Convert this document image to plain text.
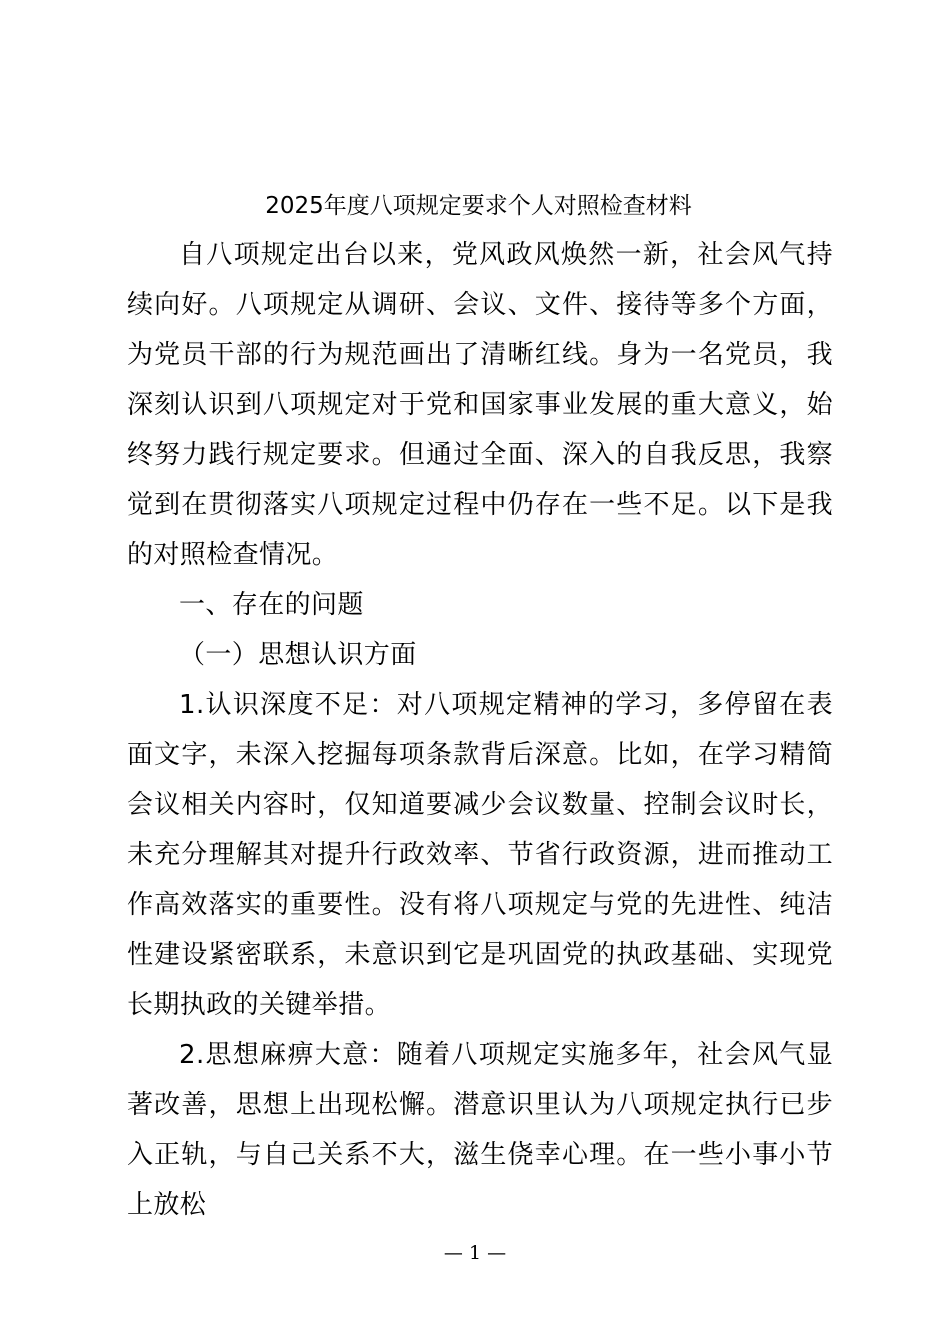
2025年度八项规定要求个人对照检查材料

自八项规定出台以来，党风政风焕然一新，社会风气持续向好。八项规定从调研、会议、文件、接待等多个方面，为党员干部的行为规范画出了清晰红线。身为一名党员，我深刻认识到八项规定对于党和国家事业发展的重大意义，始终努力践行规定要求。但通过全面、深入的自我反思，我察觉到在贯彻落实八项规定过程中仍存在一些不足。以下是我的对照检查情况。

一、存在的问题

（一）思想认识方面

1.认识深度不足：对八项规定精神的学习，多停留在表面文字，未深入挖掘每项条款背后深意。比如，在学习精简会议相关内容时，仅知道要减少会议数量、控制会议时长，未充分理解其对提升行政效率、节省行政资源，进而推动工作高效落实的重要性。没有将八项规定与党的先进性、纯洁性建设紧密联系，未意识到它是巩固党的执政基础、实现党长期执政的关键举措。

2.思想麻痹大意：随着八项规定实施多年，社会风气显著改善，思想上出现松懈。潜意识里认为八项规定执行已步入正轨，与自己关系不大，滋生侥幸心理。在一些小事小节上放松

— 1 —
